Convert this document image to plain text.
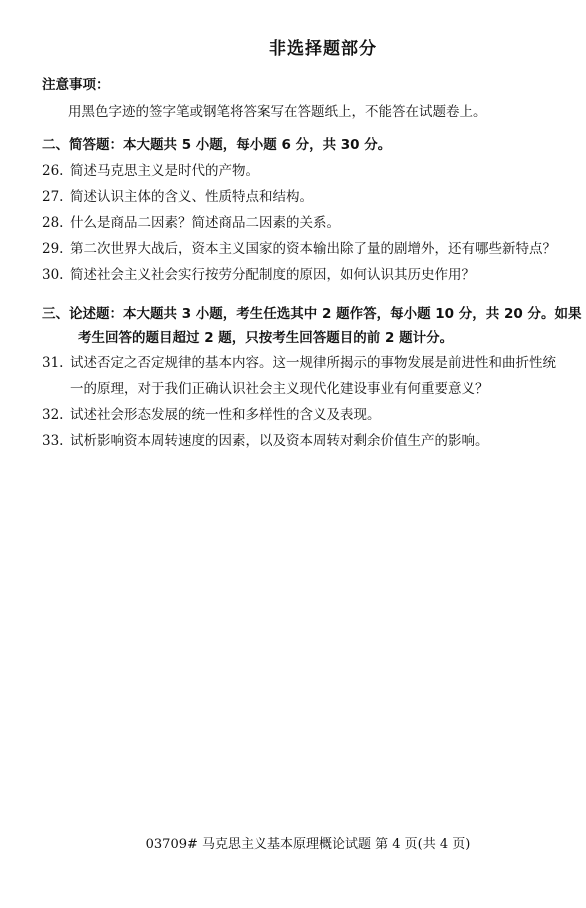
非选择题部分
注意事项：
用黑色字迹的签字笔或钢笔将答案写在答题纸上，不能答在试题卷上。
二、简答题：本大题共 5 小题，每小题 6 分，共 30 分。
26. 简述马克思主义是时代的产物。
27. 简述认识主体的含义、性质特点和结构。
28. 什么是商品二因素？简述商品二因素的关系。
29. 第二次世界大战后，资本主义国家的资本输出除了量的剧增外，还有哪些新特点？
30. 简述社会主义社会实行按劳分配制度的原因，如何认识其历史作用？
三、论述题：本大题共 3 小题，考生任选其中 2 题作答，每小题 10 分，共 20 分。如果
考生回答的题目超过 2 题，只按考生回答题目的前 2 题计分。
31. 试述否定之否定规律的基本内容。这一规律所揭示的事物发展是前进性和曲折性统
一的原理，对于我们正确认识社会主义现代化建设事业有何重要意义？
32. 试述社会形态发展的统一性和多样性的含义及表现。
33. 试析影响资本周转速度的因素，以及资本周转对剩余价值生产的影响。
03709# 马克思主义基本原理概论试题 第 4 页(共 4 页)
